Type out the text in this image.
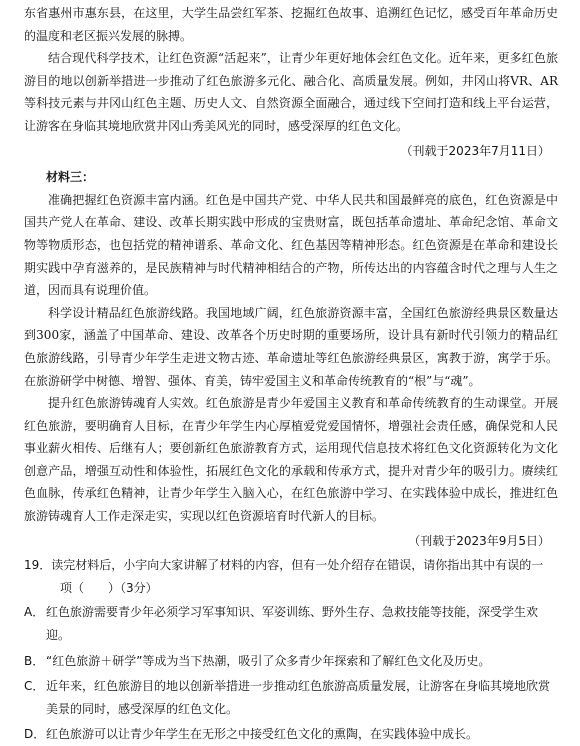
东省惠州市惠东县，在这里，大学生品尝红军茶、挖掘红色故事、追溯红色记忆，感受百年革命历史的温度和老区振兴发展的脉搏。

结合现代科学技术，让红色资源“活起来”，让青少年更好地体会红色文化。近年来，更多红色旅游目的地以创新举措进一步推动了红色旅游多元化、融合化、高质量发展。例如，井冈山将VR、AR等科技元素与井冈山红色主题、历史人文、自然资源全面融合，通过线下空间打造和线上平台运营，让游客在身临其境地欣赏井冈山秀美风光的同时，感受深厚的红色文化。

（刊载于2023年7月11日）

材料三：

准确把握红色资源丰富内涵。红色是中国共产党、中华人民共和国最鲜亮的底色，红色资源是中国共产党人在革命、建设、改革长期实践中形成的宝贵财富，既包括革命遗址、革命纪念馆、革命文物等物质形态，也包括党的精神谱系、革命文化、红色基因等精神形态。红色资源是在革命和建设长期实践中孕育滋养的，是民族精神与时代精神相结合的产物，所传达出的内容蕴含时代之理与人生之道，因而具有说理价值。

科学设计精品红色旅游线路。我国地域广阔，红色旅游资源丰富，全国红色旅游经典景区数量达到300家，涵盖了中国革命、建设、改革各个历史时期的重要场所，设计具有新时代引领力的精品红色旅游线路，引导青少年学生走进文物古迹、革命遗址等红色旅游经典景区，寓教于游，寓学于乐。在旅游研学中树德、增智、强体、育美，铸牢爱国主义和革命传统教育的“根”与“魂”。

提升红色旅游铸魂育人实效。红色旅游是青少年爱国主义教育和革命传统教育的生动课堂。开展红色旅游，要明确育人目标，在青少年学生内心厚植爱党爱国情怀，增强社会责任感，确保党和人民事业薪火相传、后继有人；要创新红色旅游教育方式，运用现代信息技术将红色文化资源转化为文化创意产品，增强互动性和体验性，拓展红色文化的承载和传承方式，提升对青少年的吸引力。赓续红色血脉，传承红色精神，让青少年学生入脑入心，在红色旅游中学习、在实践体验中成长，推进红色旅游铸魂育人工作走深走实，实现以红色资源培育时代新人的目标。

（刊载于2023年9月5日）

19．读完材料后，小宇向大家讲解了材料的内容，但有一处介绍存在错误，请你指出其中有误的一

项（　　）（3分）

A． 红色旅游需要青少年必须学习军事知识、军姿训练、野外生存、急救技能等技能，深受学生欢迎。
B． “红色旅游＋研学”等成为当下热潮，吸引了众多青少年探索和了解红色文化及历史。
C． 近年来，红色旅游目的地以创新举措进一步推动红色旅游高质量发展，让游客在身临其境地欣赏美景的同时，感受深厚的红色文化。
D． 红色旅游可以让青少年学生在无形之中接受红色文化的熏陶，在实践体验中成长。
